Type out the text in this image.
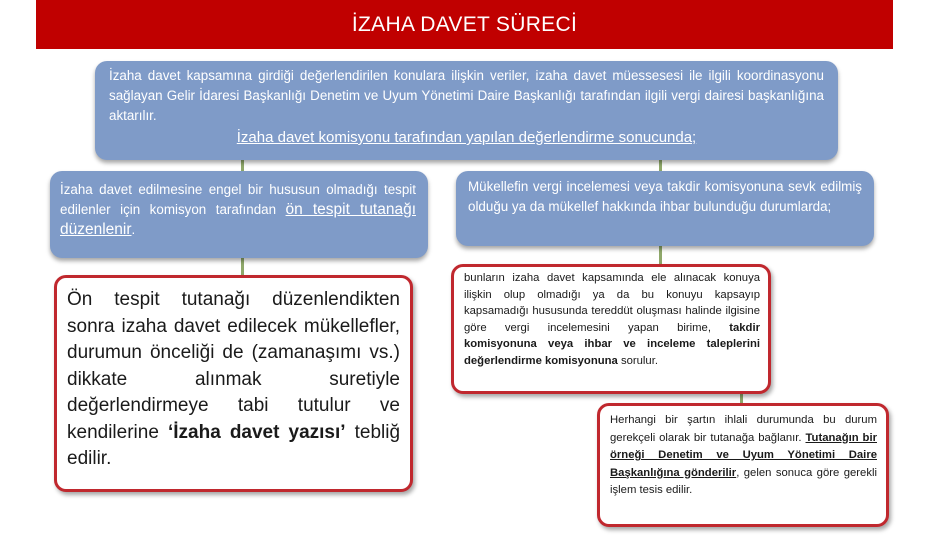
İZAHA DAVET SÜRECİ
İzaha davet kapsamına girdiği değerlendirilen konulara ilişkin veriler, izaha davet müessesesi ile ilgili koordinasyonu sağlayan Gelir İdaresi Başkanlığı Denetim ve Uyum Yönetimi Daire Başkanlığı tarafından ilgili vergi dairesi başkanlığına aktarılır.
İzaha davet komisyonu tarafından yapılan değerlendirme sonucunda;
İzaha davet edilmesine engel bir hususun olmadığı tespit edilenler için komisyon tarafından ön tespit tutanağı düzenlenir.
Mükellefin vergi incelemesi veya takdir komisyonuna sevk edilmiş olduğu ya da mükellef hakkında ihbar bulunduğu durumlarda;
Ön tespit tutanağı düzenlendikten sonra izaha davet edilecek mükellefler, durumun önceliği de (zamanaşımı vs.) dikkate alınmak suretiyle değerlendirmeye tabi tutulur ve kendilerine ‘İzaha davet yazısı’ tebliğ edilir.
bunların izaha davet kapsamında ele alınacak konuya ilişkin olup olmadığı ya da bu konuyu kapsayıp kapsamadığı hususunda tereddüt oluşması halinde ilgisine göre vergi incelemesini yapan birime, takdir komisyonuna veya ihbar ve inceleme taleplerini değerlendirme komisyonuna sorulur.
Herhangi bir şartın ihlali durumunda bu durum gerekçeli olarak bir tutanağa bağlanır. Tutanağın bir örneği Denetim ve Uyum Yönetimi Daire Başkanlığına gönderilir, gelen sonuca göre gerekli işlem tesis edilir.
